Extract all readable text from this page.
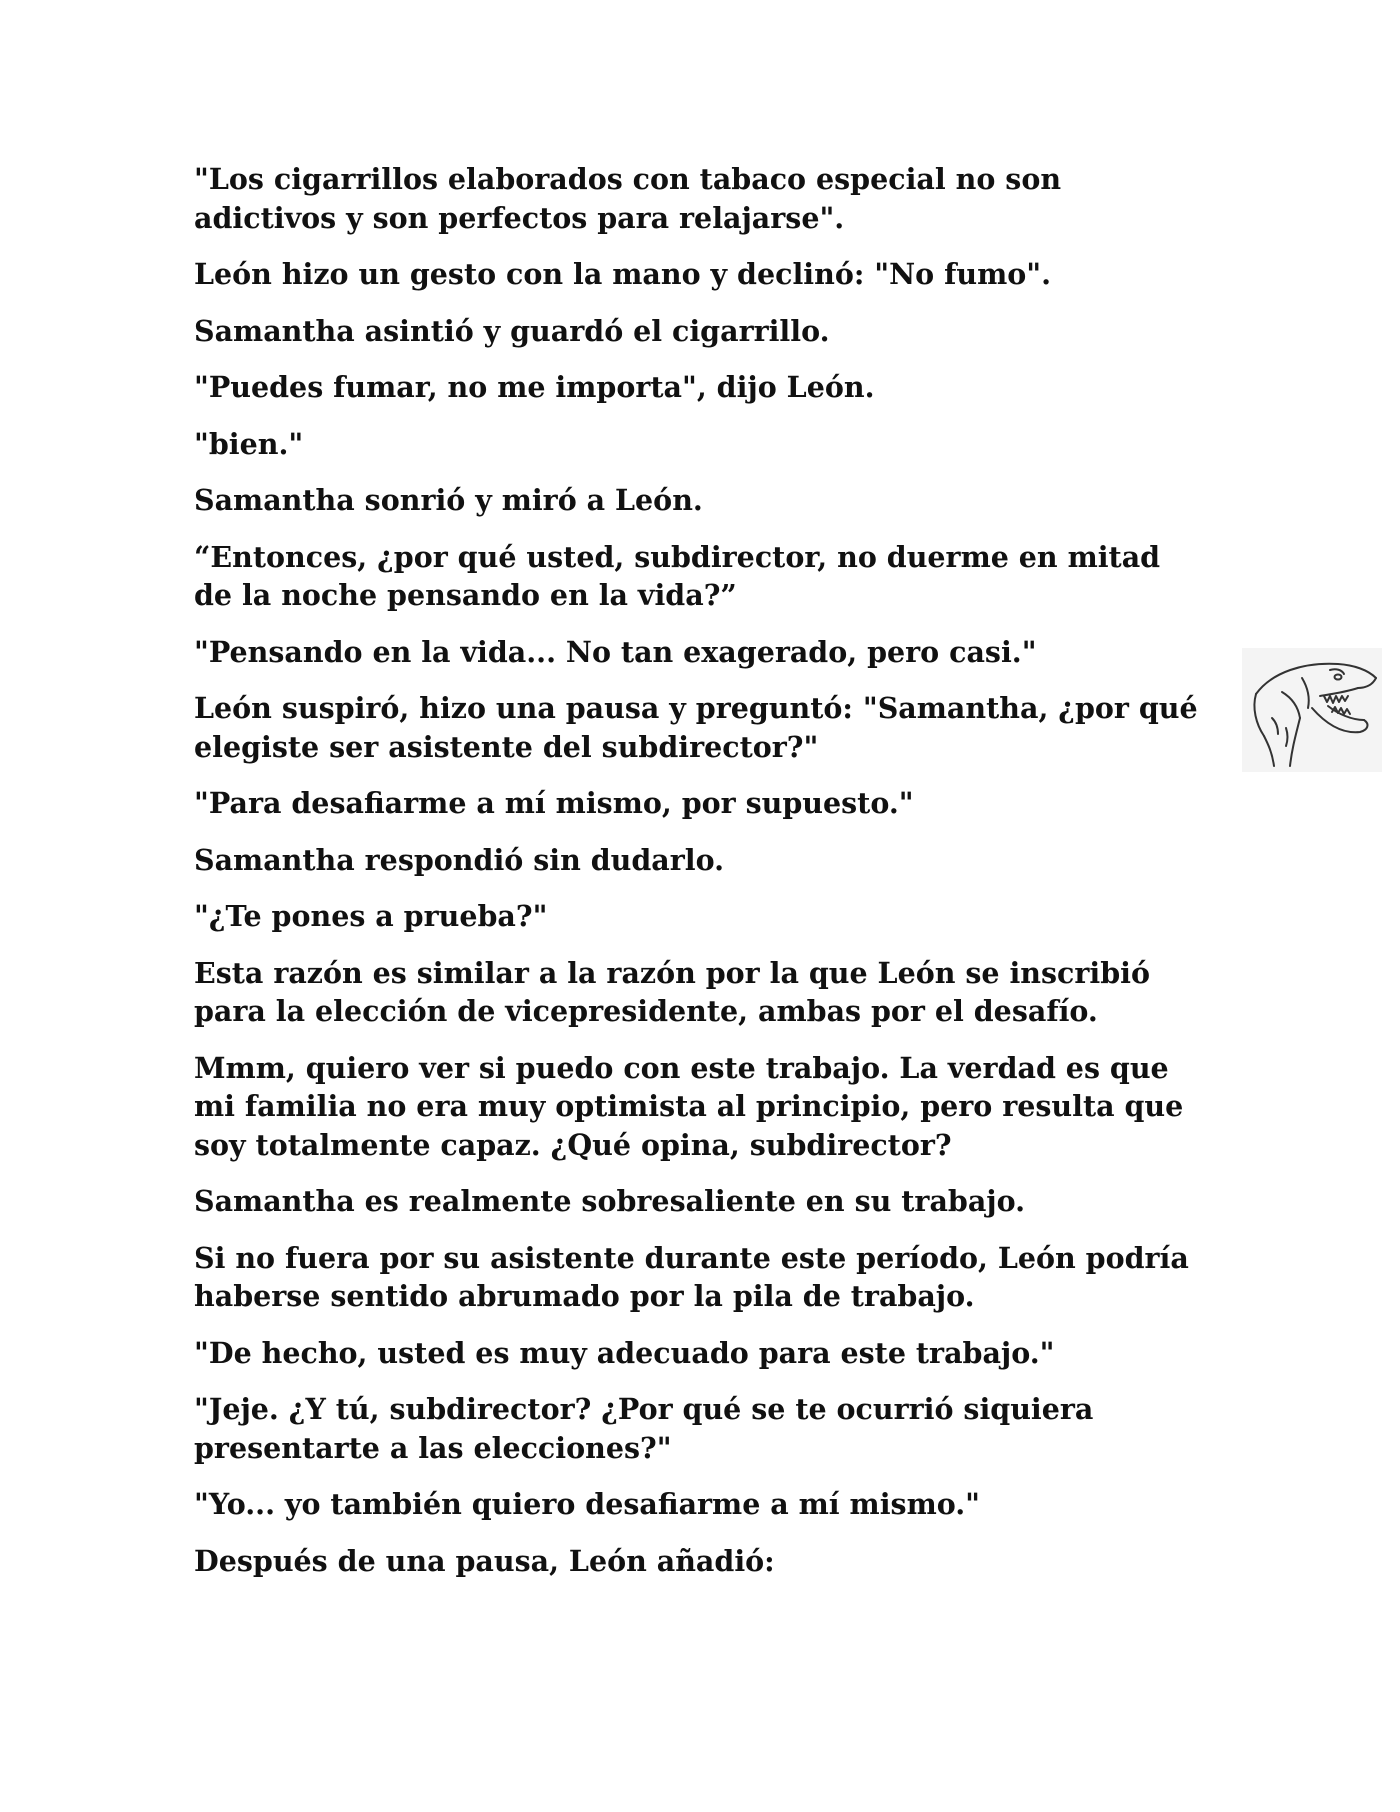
"Los cigarrillos elaborados con tabaco especial no son
adictivos y son perfectos para relajarse".

León hizo un gesto con la mano y declinó: "No fumo".

Samantha asintió y guardó el cigarrillo.

"Puedes fumar, no me importa", dijo León.

"bien."

Samantha sonrió y miró a León.

“Entonces, ¿por qué usted, subdirector, no duerme en mitad
de la noche pensando en la vida?”

"Pensando en la vida... No tan exagerado, pero casi."

León suspiró, hizo una pausa y preguntó: "Samantha, ¿por qué
elegiste ser asistente del subdirector?"

"Para desafiarme a mí mismo, por supuesto."

Samantha respondió sin dudarlo.

"¿Te pones a prueba?"

Esta razón es similar a la razón por la que León se inscribió
para la elección de vicepresidente, ambas por el desafío.

Mmm, quiero ver si puedo con este trabajo. La verdad es que
mi familia no era muy optimista al principio, pero resulta que
soy totalmente capaz. ¿Qué opina, subdirector?

Samantha es realmente sobresaliente en su trabajo.

Si no fuera por su asistente durante este período, León podría
haberse sentido abrumado por la pila de trabajo.

"De hecho, usted es muy adecuado para este trabajo."

"Jeje. ¿Y tú, subdirector? ¿Por qué se te ocurrió siquiera
presentarte a las elecciones?"

"Yo... yo también quiero desafiarme a mí mismo."

Después de una pausa, León añadió:
